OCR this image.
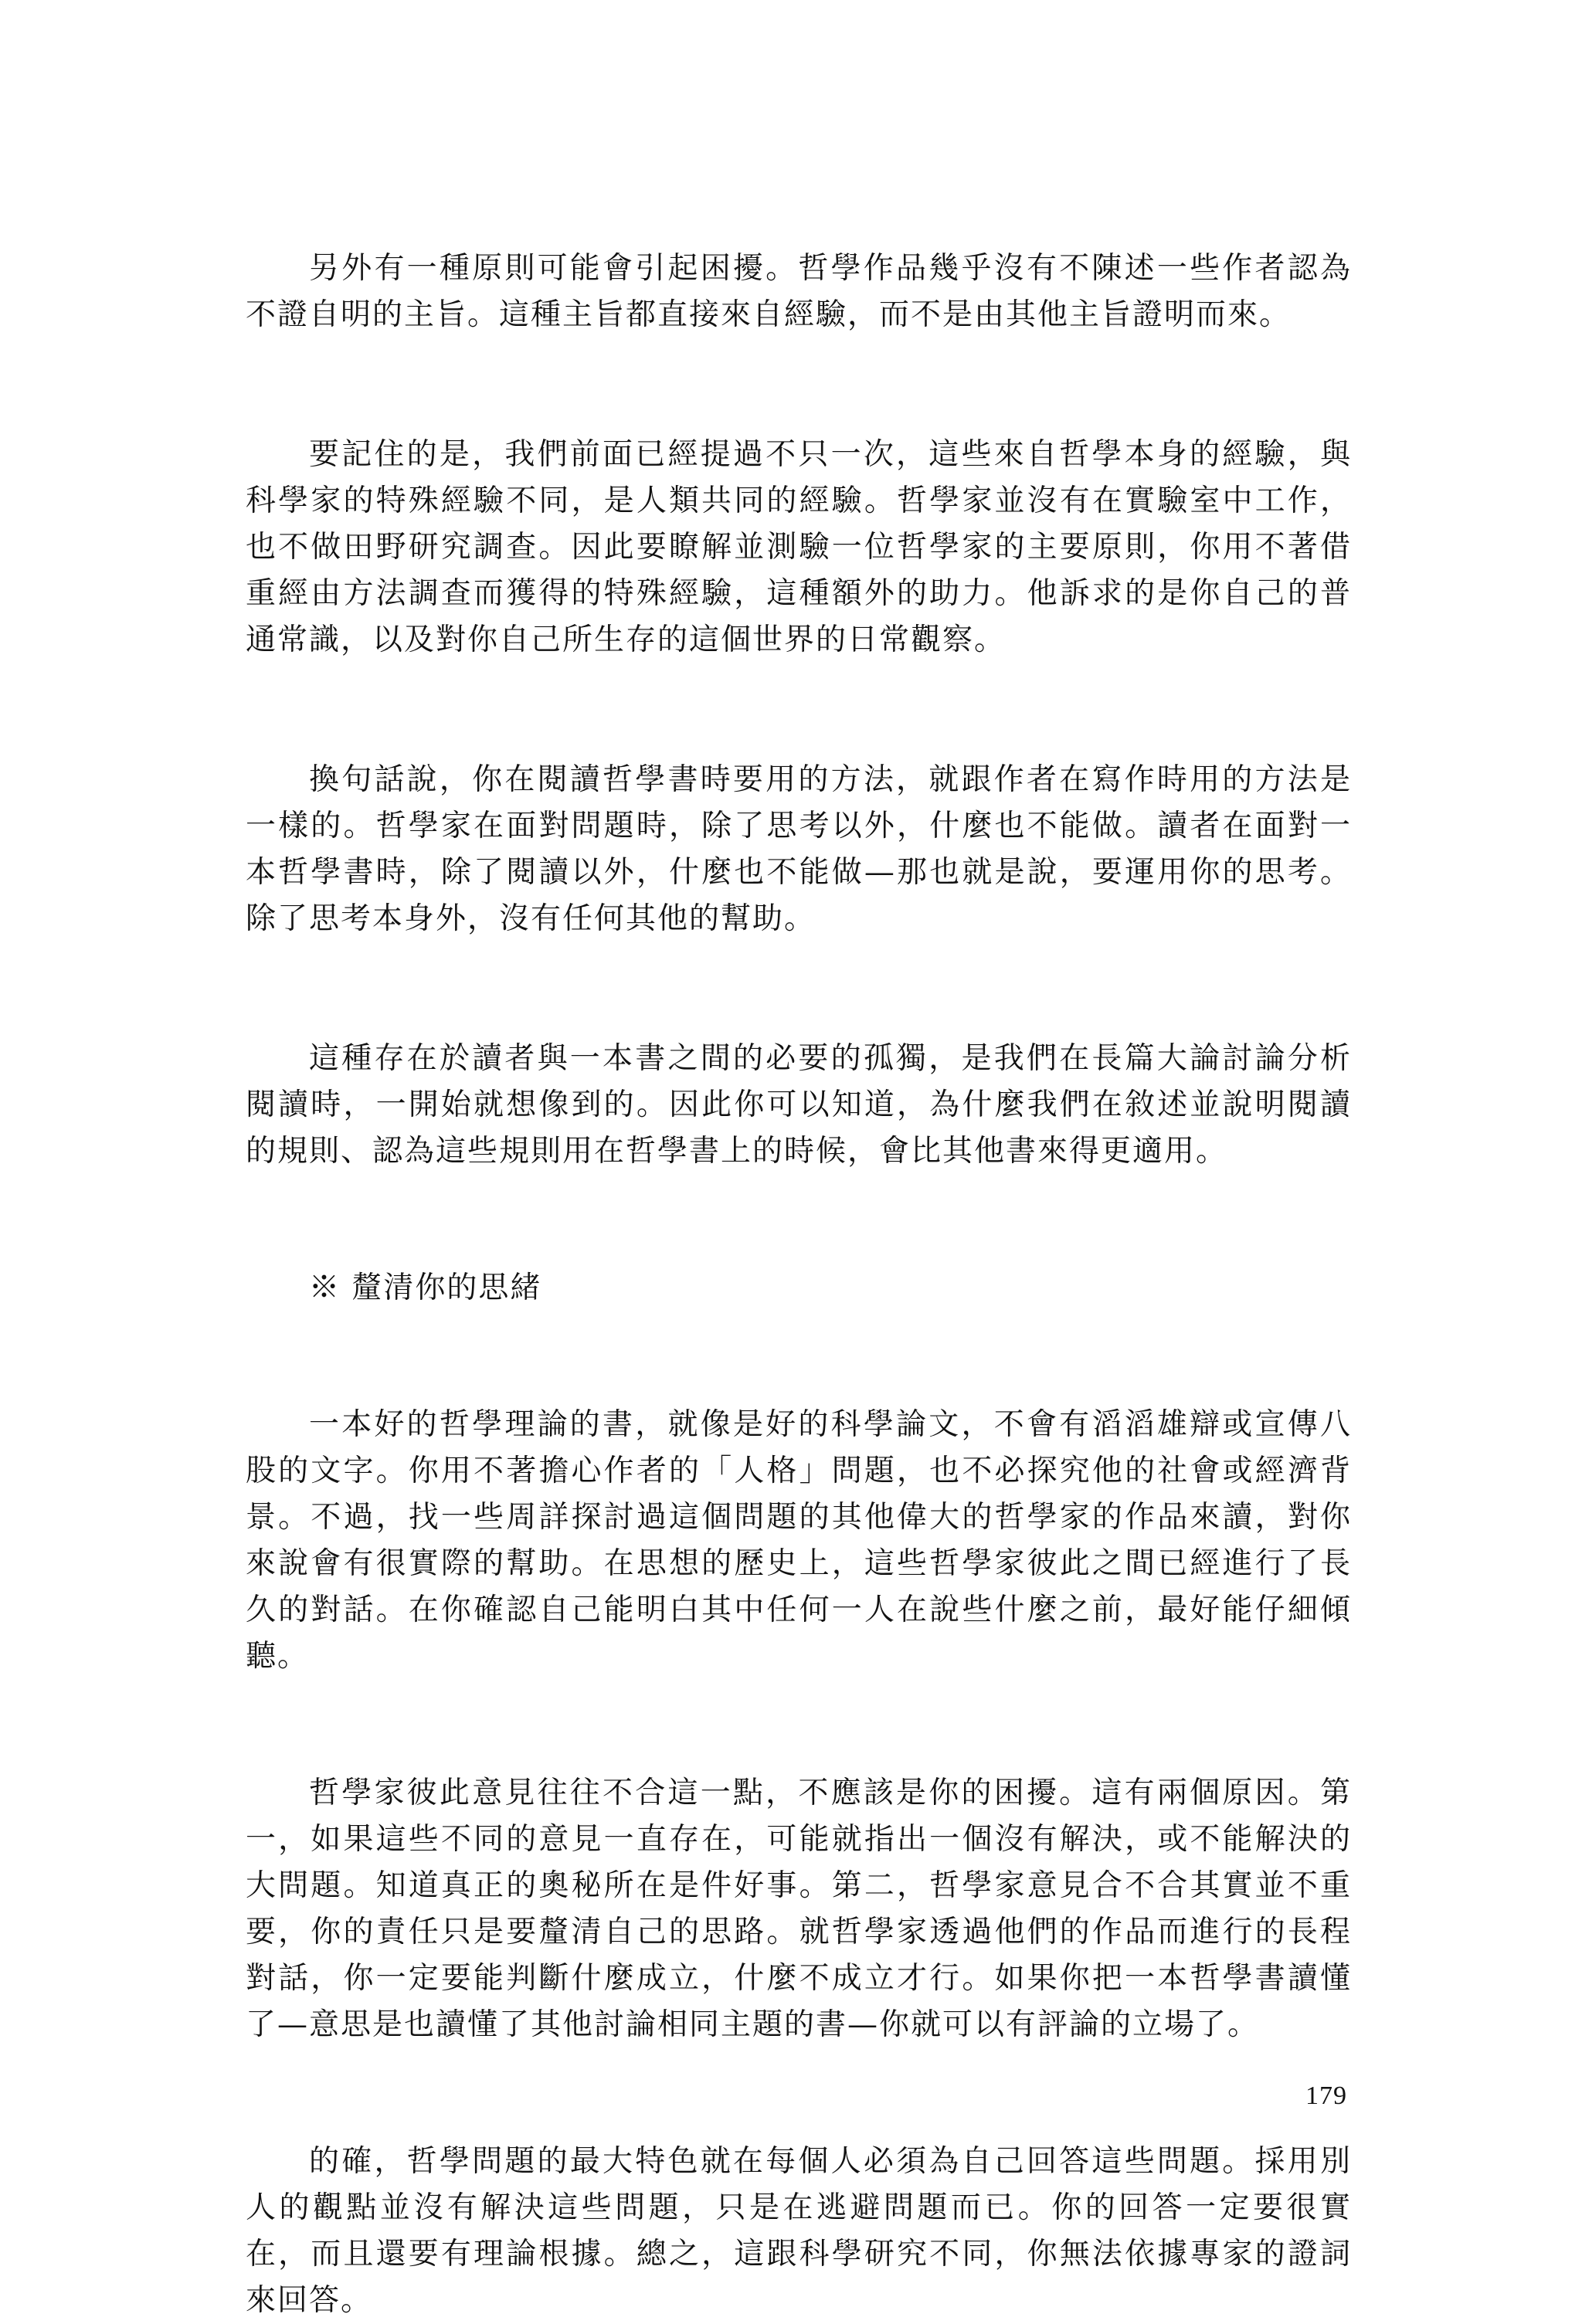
另外有一種原則可能會引起困擾。哲學作品幾乎沒有不陳述一些作者認為不證自明的主旨。這種主旨都直接來自經驗，而不是由其他主旨證明而來。

要記住的是，我們前面已經提過不只一次，這些來自哲學本身的經驗，與科學家的特殊經驗不同，是人類共同的經驗。哲學家並沒有在實驗室中工作，也不做田野研究調查。因此要瞭解並測驗一位哲學家的主要原則，你用不著借重經由方法調查而獲得的特殊經驗，這種額外的助力。他訴求的是你自己的普通常識，以及對你自己所生存的這個世界的日常觀察。

換句話說，你在閱讀哲學書時要用的方法，就跟作者在寫作時用的方法是一樣的。哲學家在面對問題時，除了思考以外，什麼也不能做。讀者在面對一本哲學書時，除了閱讀以外，什麼也不能做—那也就是說，要運用你的思考。除了思考本身外，沒有任何其他的幫助。

這種存在於讀者與一本書之間的必要的孤獨，是我們在長篇大論討論分析閱讀時，一開始就想像到的。因此你可以知道，為什麼我們在敘述並說明閱讀的規則、認為這些規則用在哲學書上的時候，會比其他書來得更適用。

※ 釐清你的思緒

一本好的哲學理論的書，就像是好的科學論文，不會有滔滔雄辯或宣傳八股的文字。你用不著擔心作者的「人格」問題，也不必探究他的社會或經濟背景。不過，找一些周詳探討過這個問題的其他偉大的哲學家的作品來讀，對你來說會有很實際的幫助。在思想的歷史上，這些哲學家彼此之間已經進行了長久的對話。在你確認自己能明白其中任何一人在說些什麼之前，最好能仔細傾聽。

哲學家彼此意見往往不合這一點，不應該是你的困擾。這有兩個原因。第一，如果這些不同的意見一直存在，可能就指出一個沒有解決，或不能解決的大問題。知道真正的奧秘所在是件好事。第二，哲學家意見合不合其實並不重要，你的責任只是要釐清自己的思路。就哲學家透過他們的作品而進行的長程對話，你一定要能判斷什麼成立，什麼不成立才行。如果你把一本哲學書讀懂了—意思是也讀懂了其他討論相同主題的書—你就可以有評論的立場了。

的確，哲學問題的最大特色就在每個人必須為自己回答這些問題。採用別人的觀點並沒有解決這些問題，只是在逃避問題而已。你的回答一定要很實在，而且還要有理論根據。總之，這跟科學研究不同，你無法依據專家的證詞來回答。

179
